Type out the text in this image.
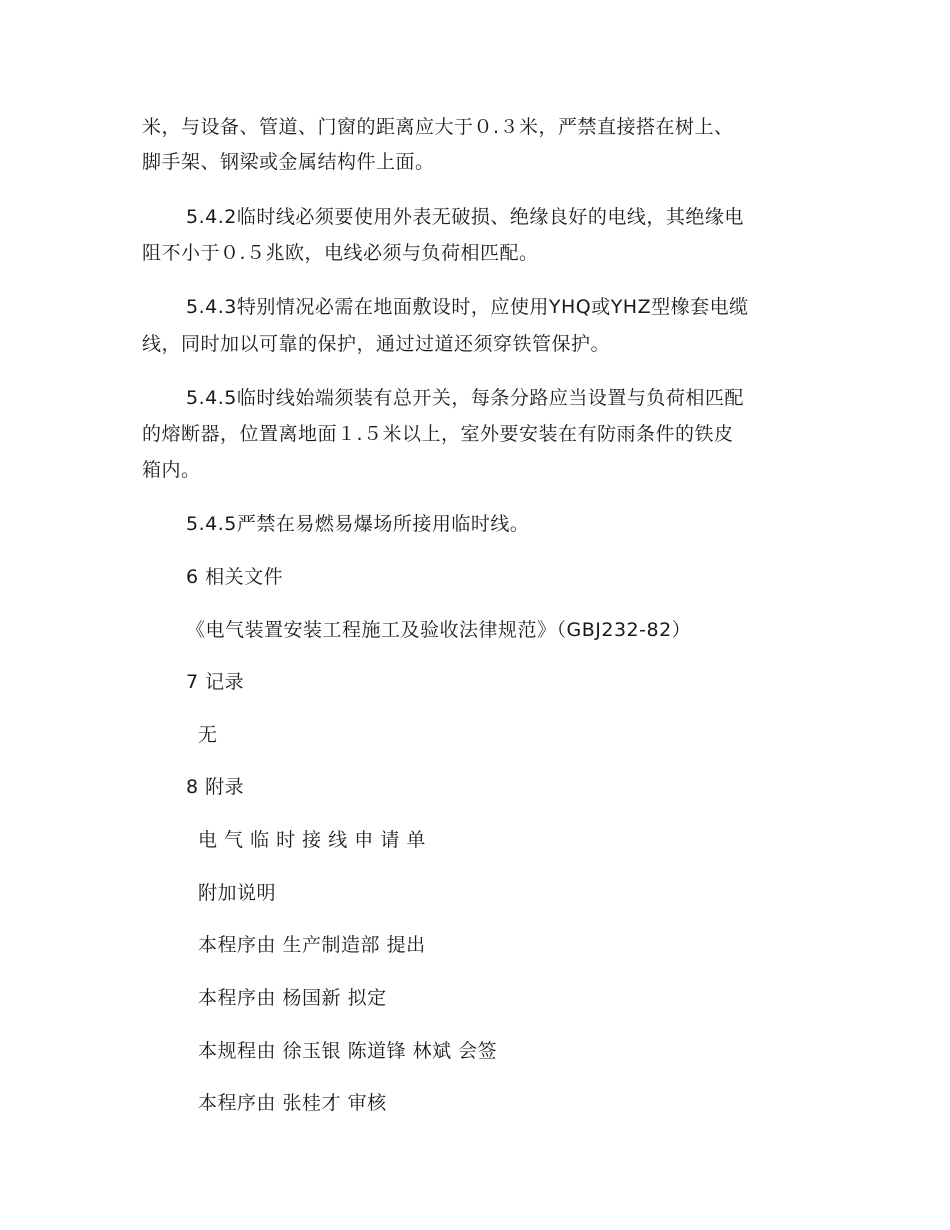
米，与设备、管道、门窗的距离应大于０.３米，严禁直接搭在树上、
脚手架、钢梁或金属结构件上面。
5.4.2临时线必须要使用外表无破损、绝缘良好的电线，其绝缘电
阻不小于０.５兆欧，电线必须与负荷相匹配。
5.4.3特别情况必需在地面敷设时，应使用YHQ或YHZ型橡套电缆
线，同时加以可靠的保护，通过过道还须穿铁管保护。
5.4.5临时线始端须装有总开关，每条分路应当设置与负荷相匹配
的熔断器，位置离地面１.５米以上，室外要安装在有防雨条件的铁皮
箱内。
5.4.5严禁在易燃易爆场所接用临时线。
6 相关文件
《电气装置安装工程施工及验收法律规范》（GBJ232-82）
7 记录
无
8 附录
电 气 临 时 接 线 申 请 单
附加说明
本程序由 生产制造部 提出
本程序由 杨国新 拟定
本规程由 徐玉银 陈道锋 林斌 会签
本程序由 张桂才 审核
